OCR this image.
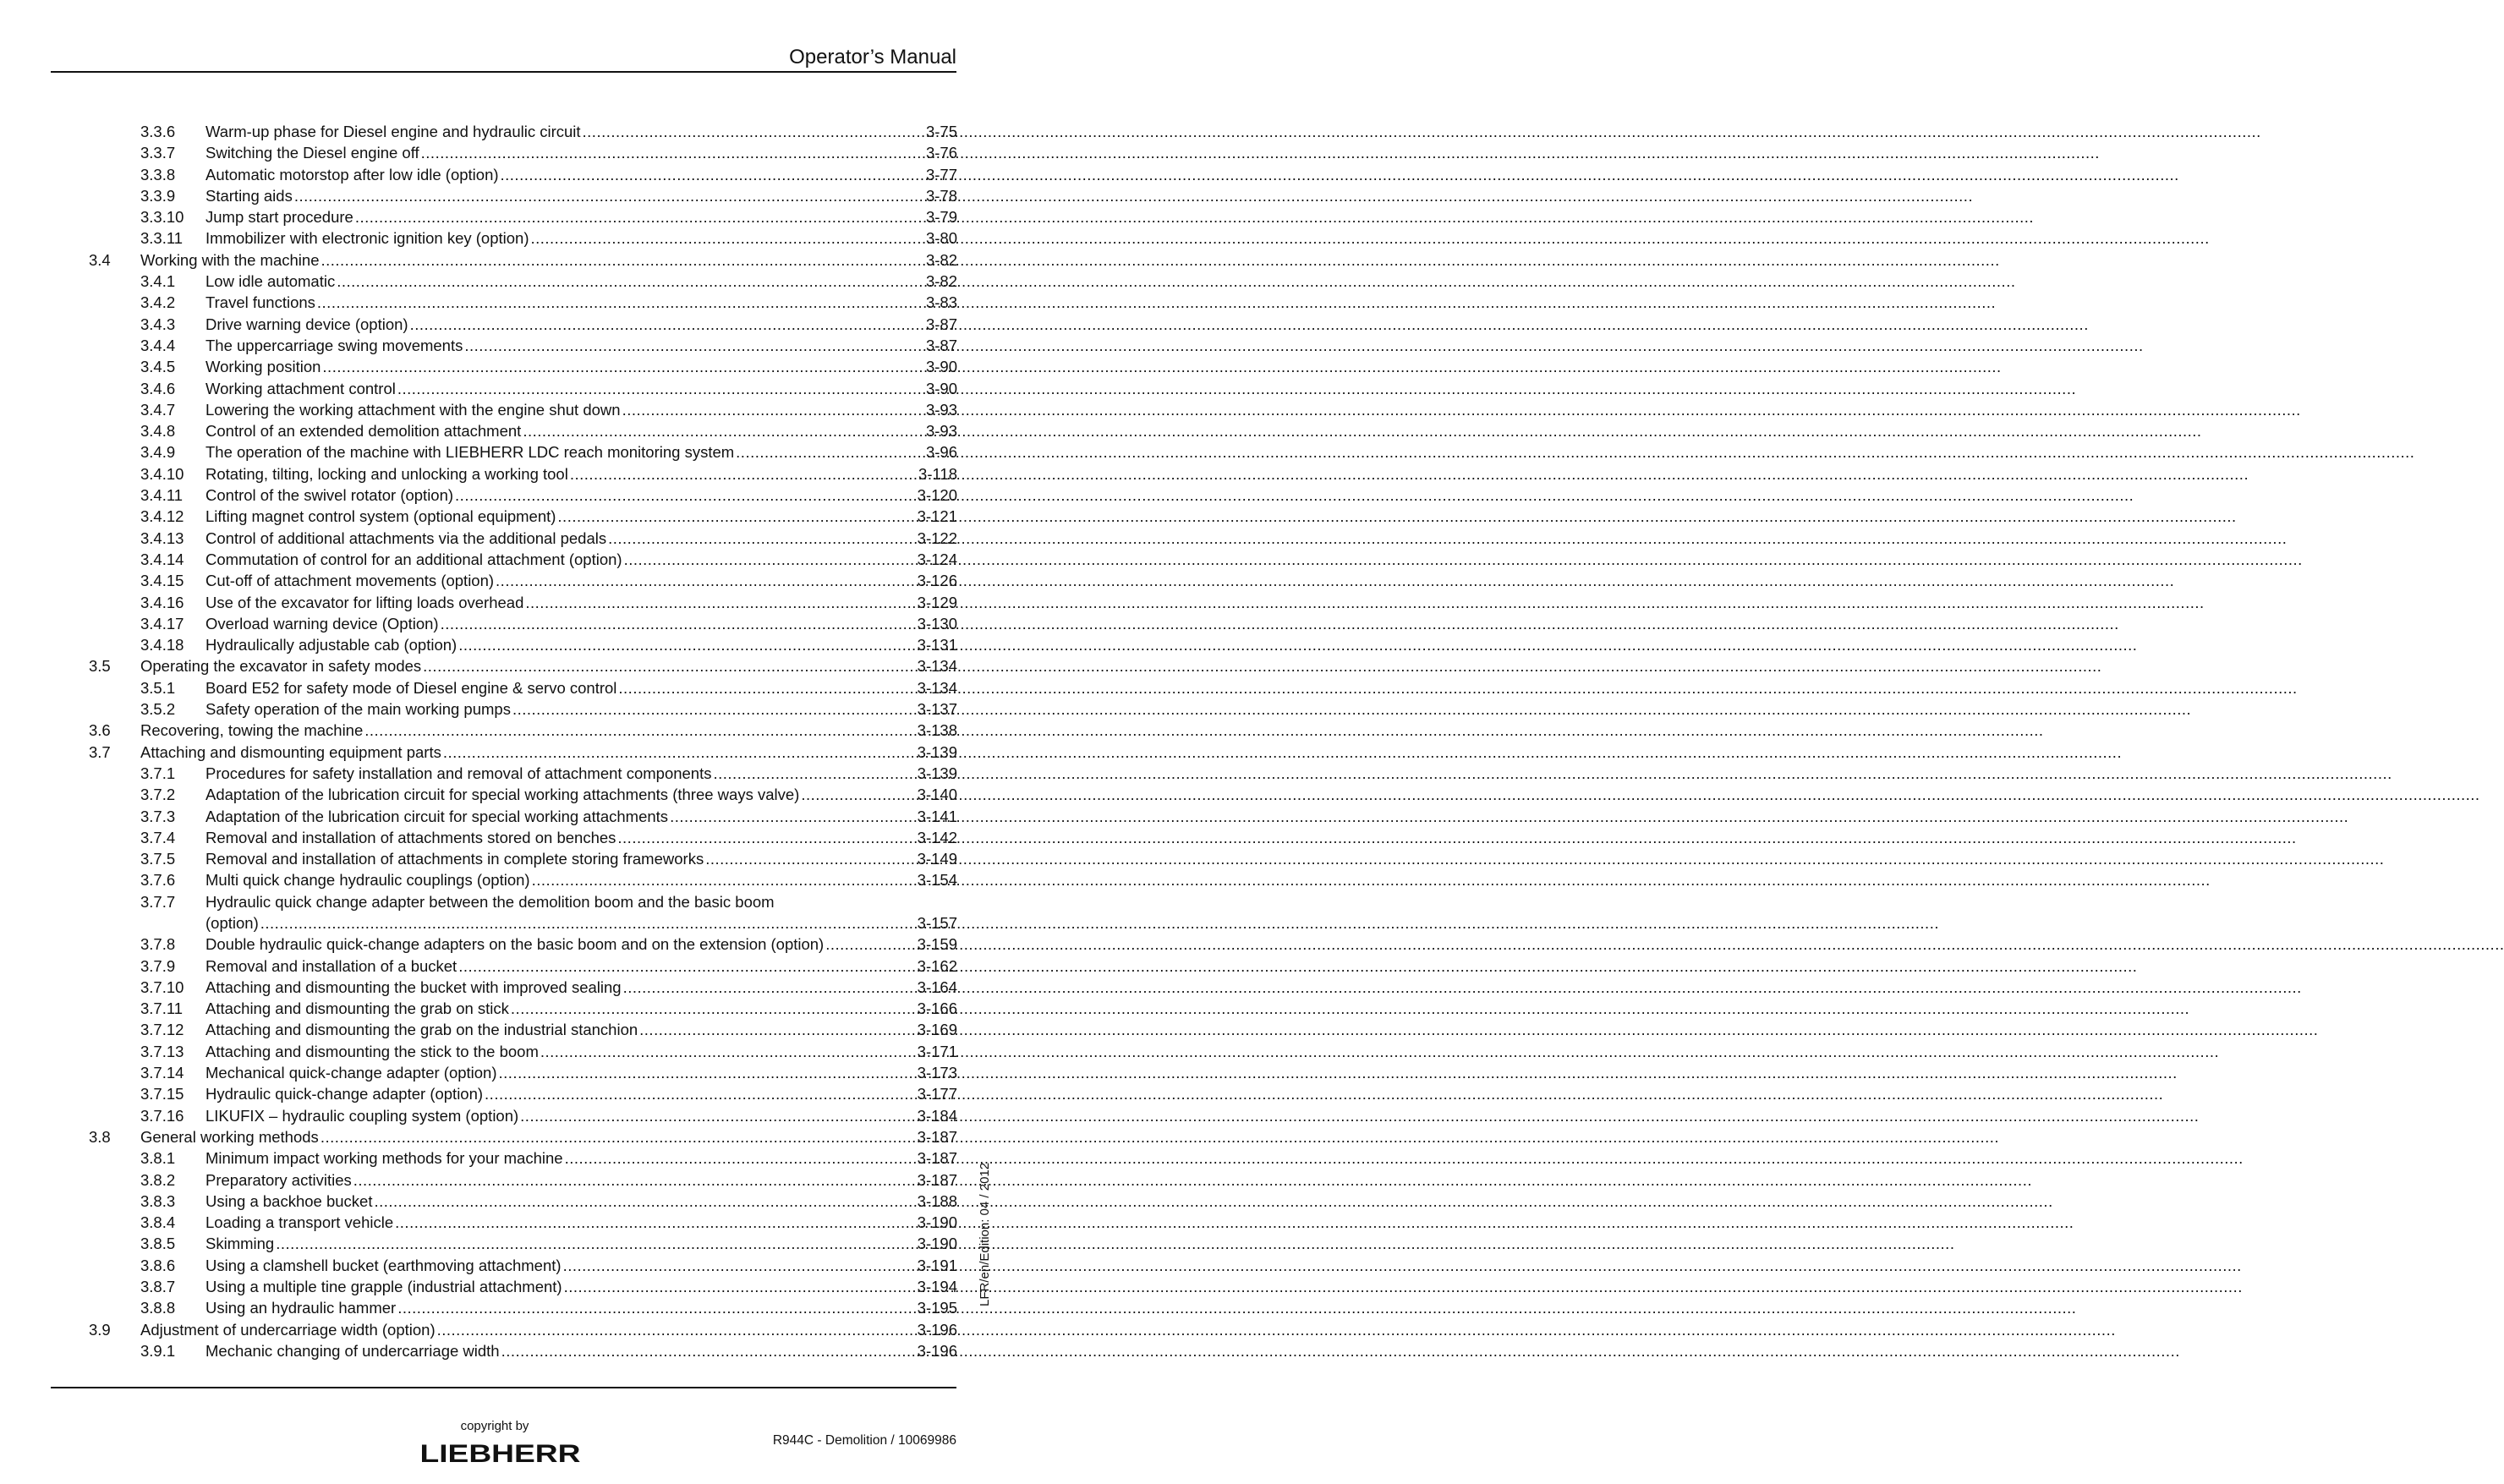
Operator’s Manual
3.3.6 Warm-up phase for Diesel engine and hydraulic circuit .....	3-75
3.3.7 Switching the Diesel engine off .....	3-76
3.3.8 Automatic motorstop after low idle (option) .....	3-77
3.3.9 Starting aids .....	3-78
3.3.10 Jump start procedure .....	3-79
3.3.11 Immobilizer with electronic ignition key (option) .....	3-80
3.4 Working with the machine .....	3-82
3.4.1 Low idle automatic .....	3-82
3.4.2 Travel functions .....	3-83
3.4.3 Drive warning device (option) .....	3-87
3.4.4 The uppercarriage swing movements .....	3-87
3.4.5 Working position .....	3-90
3.4.6 Working attachment control .....	3-90
3.4.7 Lowering the working attachment with the engine shut down .....	3-93
3.4.8 Control of an extended demolition attachment .....	3-93
3.4.9 The operation of the machine with LIEBHERR LDC reach monitoring system .....	3-96
3.4.10 Rotating, tilting, locking and unlocking a working tool .....	3-118
3.4.11 Control of the swivel rotator (option) .....	3-120
3.4.12 Lifting magnet control system (optional equipment) .....	3-121
3.4.13 Control of additional attachments via the additional pedals .....	3-122
3.4.14 Commutation of control for an additional attachment (option) .....	3-124
3.4.15 Cut-off of attachment movements (option) .....	3-126
3.4.16 Use of the excavator for lifting loads overhead .....	3-129
3.4.17 Overload warning device (Option) .....	3-130
3.4.18 Hydraulically adjustable cab (option) .....	3-131
3.5 Operating the excavator in safety modes .....	3-134
3.5.1 Board E52 for safety mode of Diesel engine & servo control .....	3-134
3.5.2 Safety operation of the main working pumps .....	3-137
3.6 Recovering, towing the machine .....	3-138
3.7 Attaching and dismounting equipment parts .....	3-139
3.7.1 Procedures for safety installation and removal of attachment components .....	3-139
3.7.2 Adaptation of the lubrication circuit for special working attachments (three ways valve) .....	3-140
3.7.3 Adaptation of the lubrication circuit for special working attachments .....	3-141
3.7.4 Removal and installation of attachments stored on benches .....	3-142
3.7.5 Removal and installation of attachments in complete storing frameworks .....	3-149
3.7.6 Multi quick change hydraulic couplings (option) .....	3-154
3.7.7 Hydraulic quick change adapter between the demolition boom and the basic boom
(option) .....	3-157
3.7.8 Double hydraulic quick-change adapters on the basic boom and on the extension (option) .....	3-159
3.7.9 Removal and installation of a bucket .....	3-162
3.7.10 Attaching and dismounting the bucket with improved sealing .....	3-164
3.7.11 Attaching and dismounting the grab on stick .....	3-166
3.7.12 Attaching and dismounting the grab on the industrial stanchion .....	3-169
3.7.13 Attaching and dismounting the stick to the boom .....	3-171
3.7.14 Mechanical quick-change adapter (option) .....	3-173
3.7.15 Hydraulic quick-change adapter (option) .....	3-177
3.7.16 LIKUFIX – hydraulic coupling system (option) .....	3-184
3.8 General working methods .....	3-187
3.8.1 Minimum impact working methods for your machine .....	3-187
3.8.2 Preparatory activities .....	3-187
3.8.3 Using a backhoe bucket .....	3-188
3.8.4 Loading a transport vehicle .....	3-190
3.8.5 Skimming .....	3-190
3.8.6 Using a clamshell bucket (earthmoving attachment) .....	3-191
3.8.7 Using a multiple tine grapple (industrial attachment) .....	3-194
3.8.8 Using an hydraulic hammer .....	3-195
3.9 Adjustment of undercarriage width (option) .....	3-196
3.9.1 Mechanic changing of undercarriage width .....	3-196
LFR/en/Edition: 04 / 2012
copyright by
LIEBHERR	R944C - Demolition / 10069986
